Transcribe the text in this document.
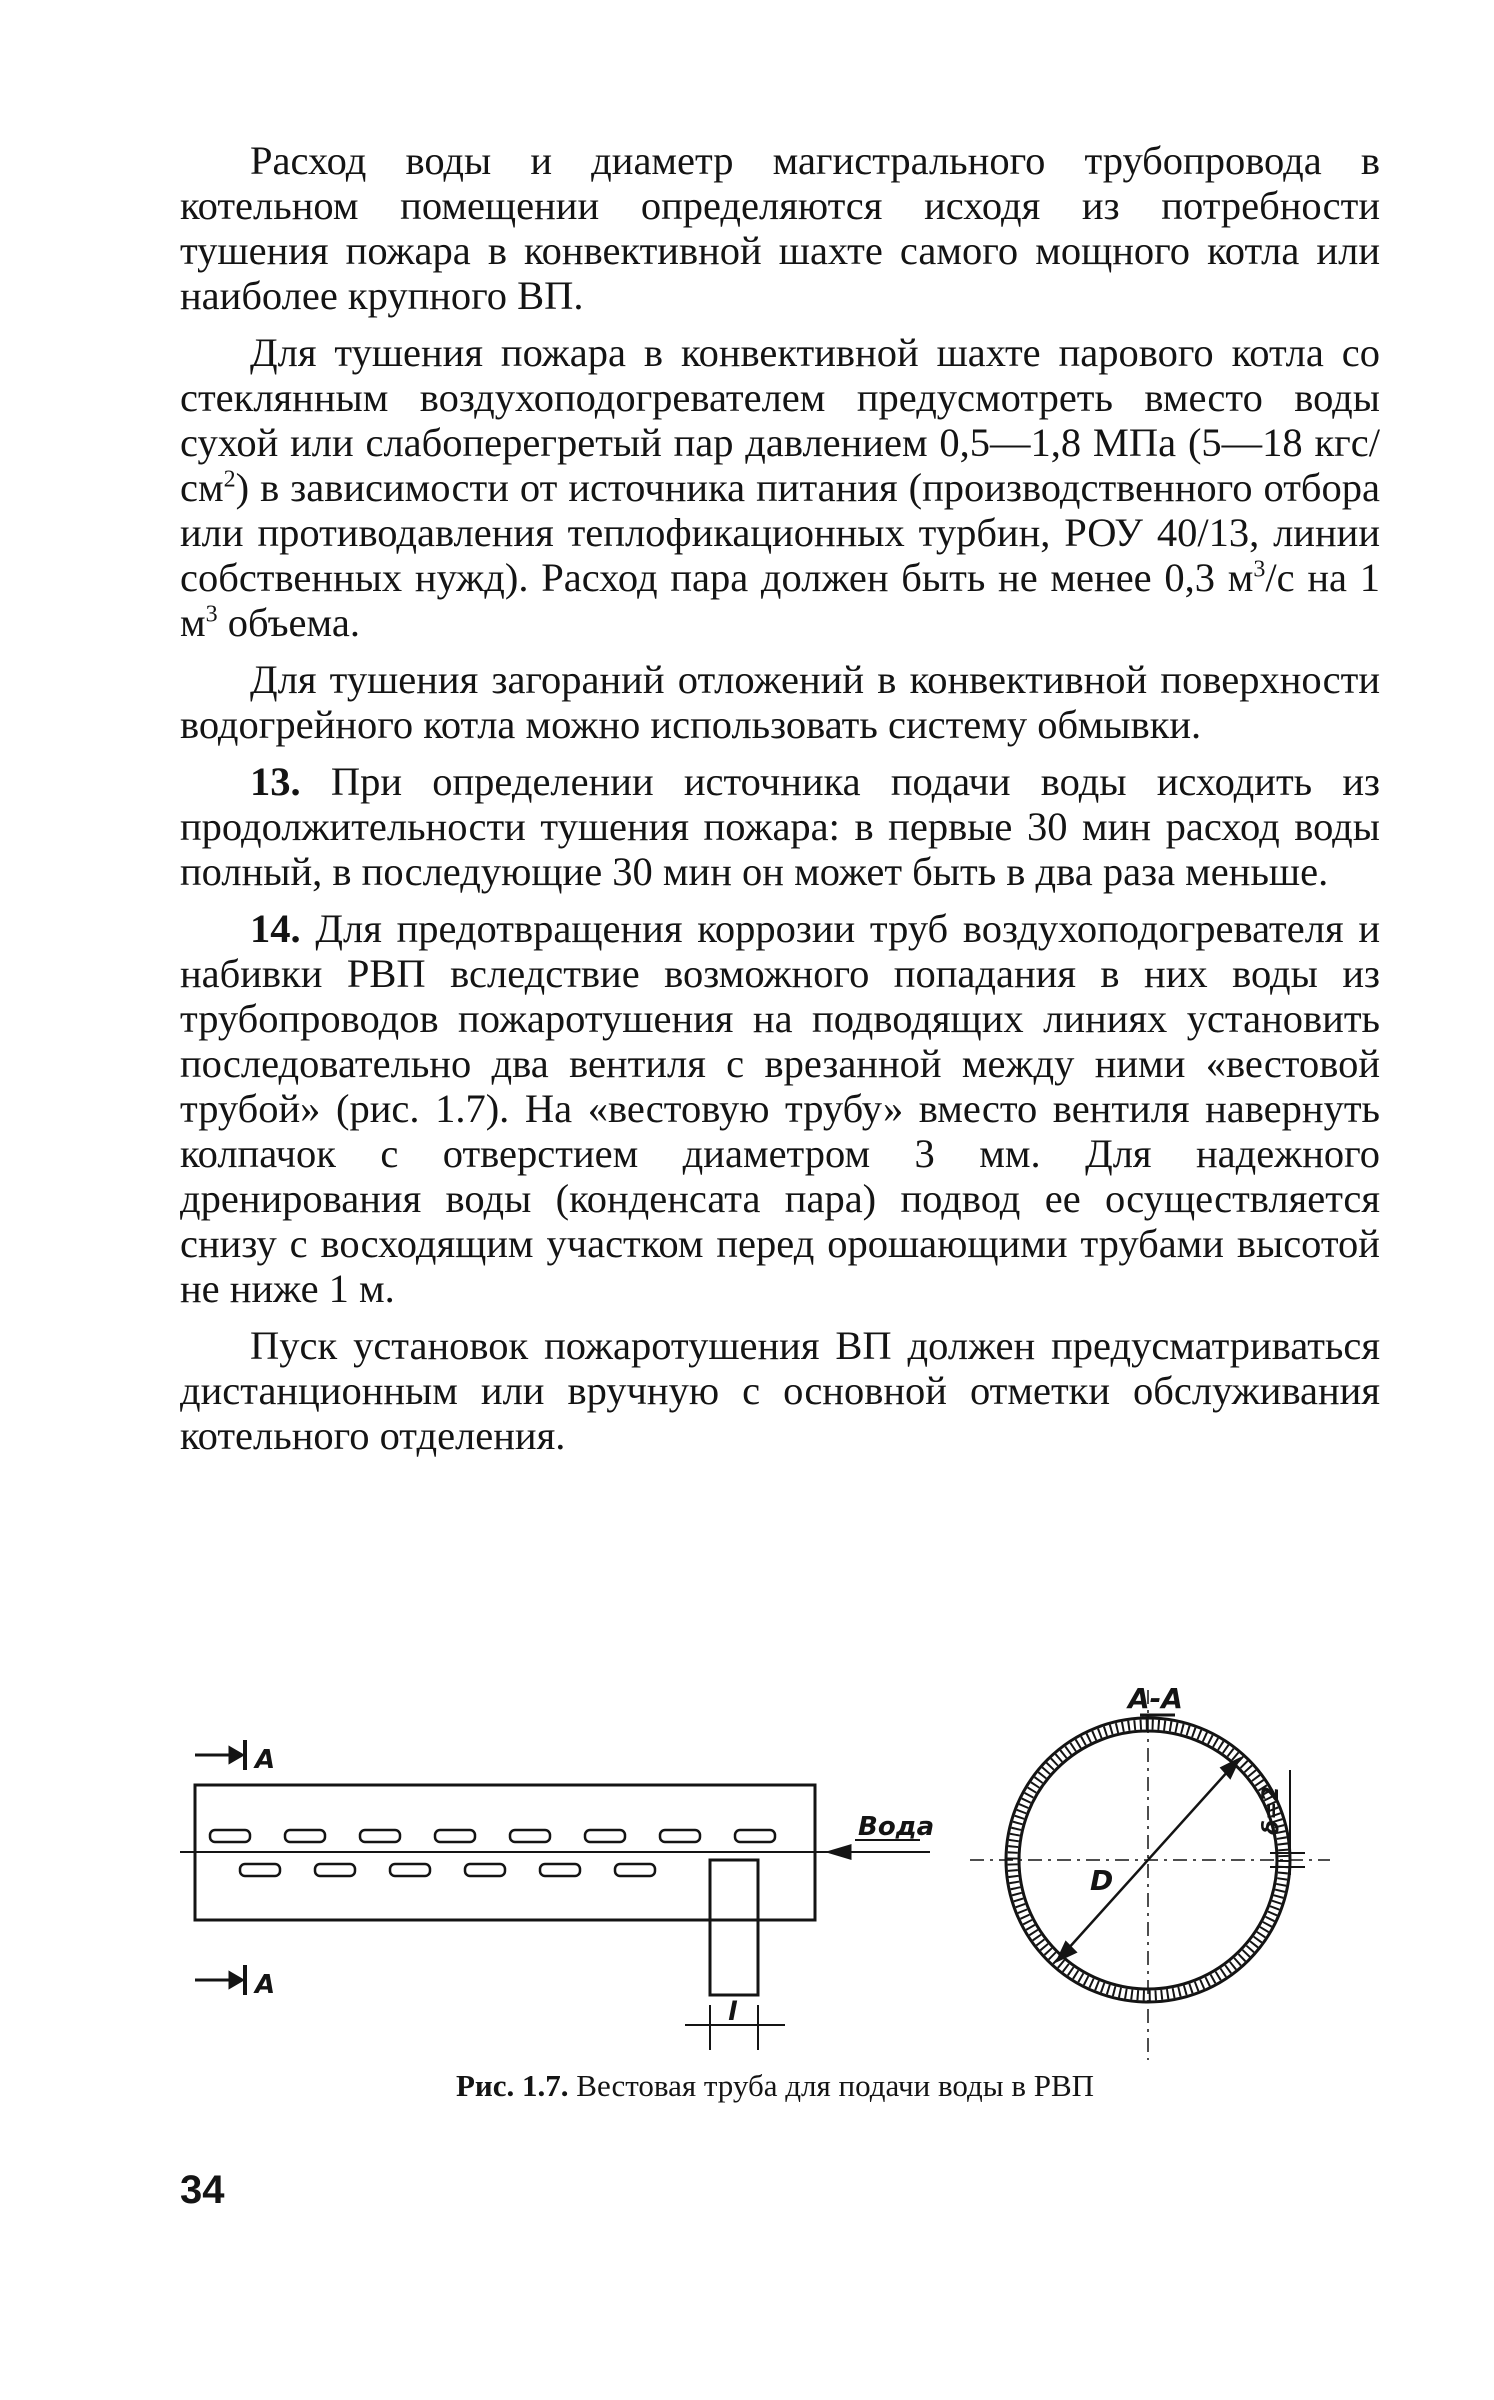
Расход воды и диаметр магистрального трубопровода в котельном помещении определяются исходя из потребности тушения пожара в конвективной шахте самого мощного котла или наиболее крупного ВП.

Для тушения пожара в конвективной шахте парового котла со стеклянным воздухоподогревателем предусмотреть вместо воды сухой или слабоперегретый пар давлением 0,5—1,8 МПа (5—18 кгс/$см^2$) в зависимости от источника питания (производственного отбора или противодавления теплофикационных турбин, РОУ 40/13, линии собственных нужд). Расход пара должен быть не менее 0,3 $м^3/с$ на 1 $м^3$ объема.

Для тушения загораний отложений в конвективной поверхности водогрейного котла можно использовать систему обмывки.

13. При определении источника подачи воды исходить из продолжительности тушения пожара: в первые 30 мин расход воды полный, в последующие 30 мин он может быть в два раза меньше.

14. Для предотвращения коррозии труб воздухоподогревателя и набивки РВП вследствие возможного попадания в них воды из трубопроводов пожаротушения на подводящих линиях установить последовательно два вентиля с врезанной между ними «вестовой трубой» (рис. 1.7). На «вестовую трубу» вместо вентиля навернуть колпачок с отверстием диаметром 3 мм. Для надежного дренирования воды (конденсата пара) подвод ее осуществляется снизу с восходящим участком перед орошающими трубами высотой не ниже 1 м.

Пуск установок пожаротушения ВП должен предусматриваться дистанционным или вручную с основной отметки обслуживания котельного отделения.

А
А
А-А
Вода
l
D
δ=2
Рис. 1.7. Вестовая труба для подачи воды в РВП
34
